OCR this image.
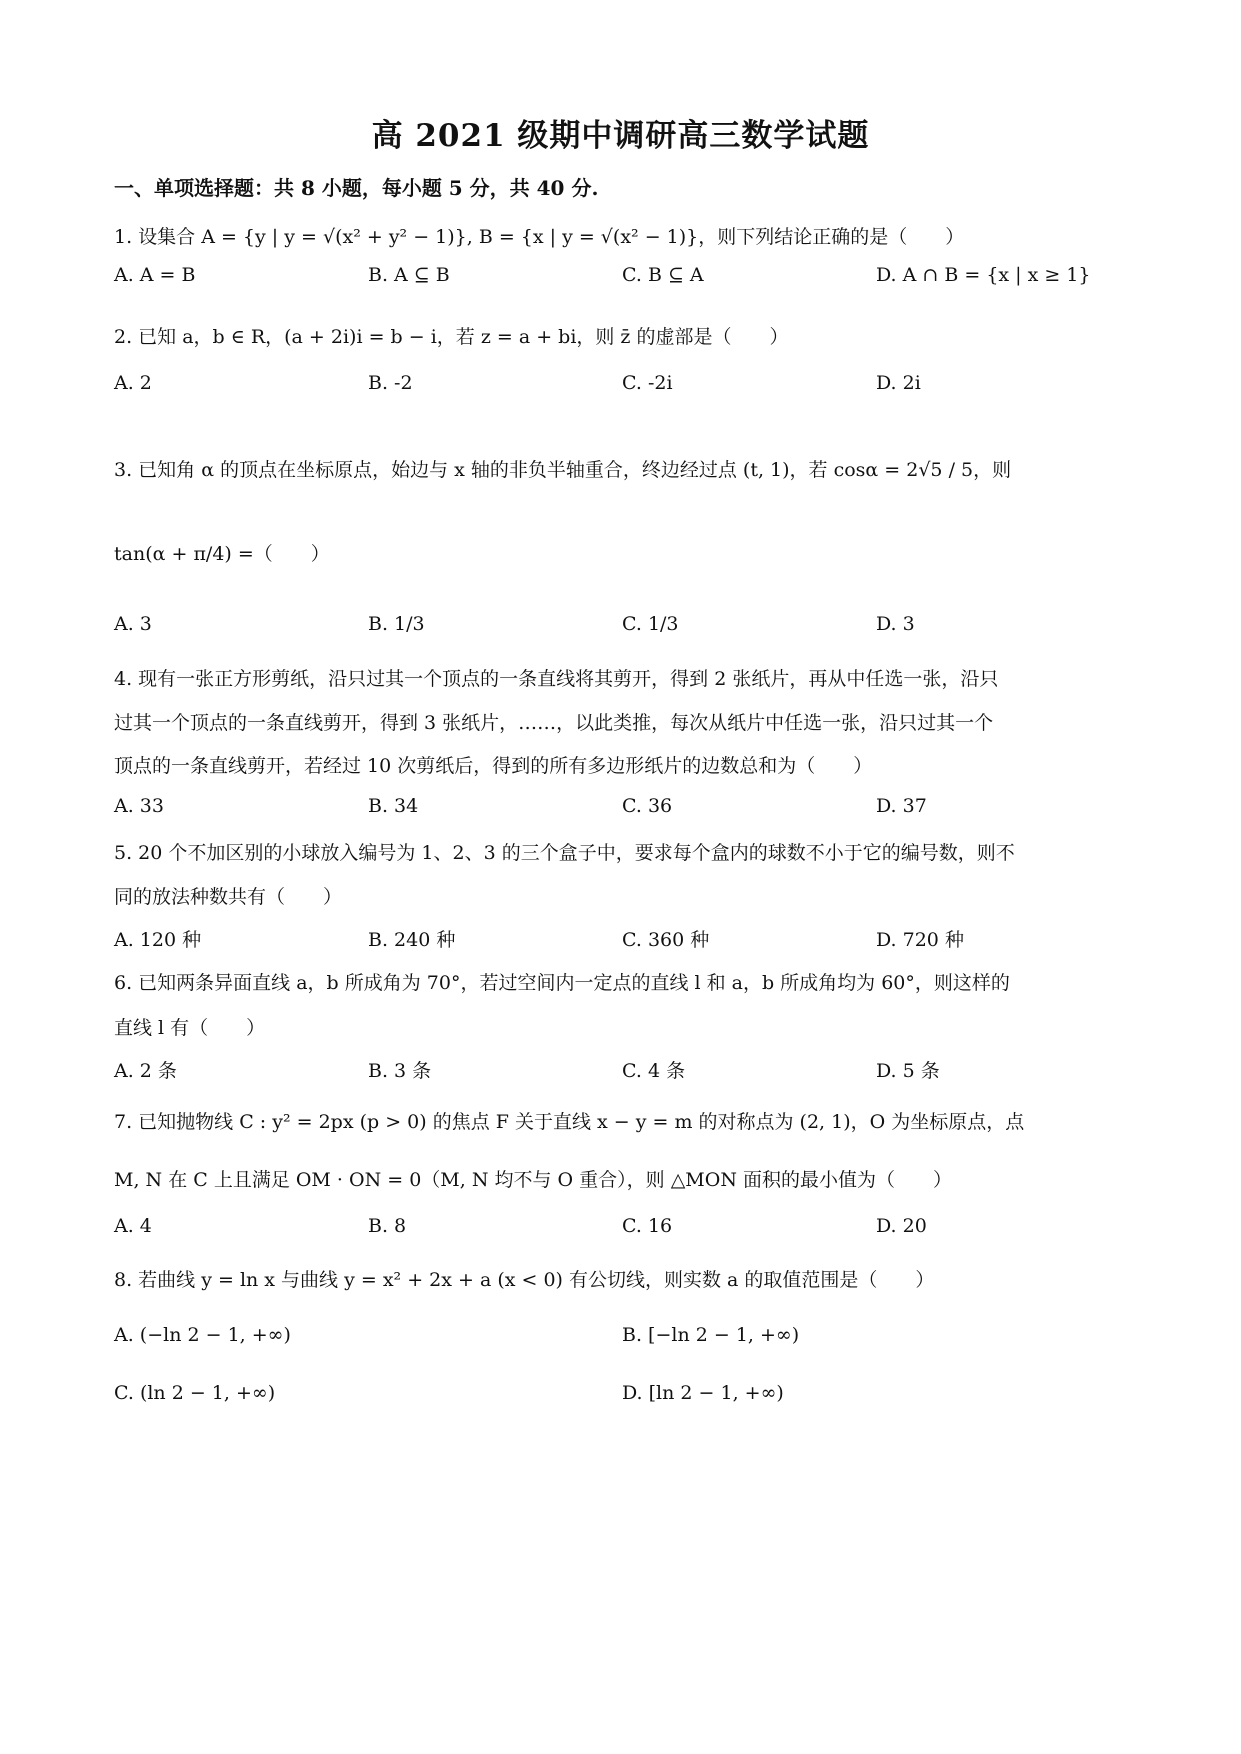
高 2021 级期中调研高三数学试题
一、单项选择题：共 8 小题，每小题 5 分，共 40 分.
1. 设集合 A = {y | y = √(x² + y² − 1)}, B = {x | y = √(x² − 1)}，则下列结论正确的是（　　）
A. A = B	B. A ⊆ B	C. B ⊆ A	D. A ∩ B = {x | x ≥ 1}
2. 已知 a，b ∈ R，(a + 2i)i = b − i，若 z = a + bi，则 z̄ 的虚部是（　　）
A. 2	B. -2	C. -2i	D. 2i
3. 已知角 α 的顶点在坐标原点，始边与 x 轴的非负半轴重合，终边经过点 (t, 1)，若 cosα = 2√5 / 5，则
tan(α + π/4) =（　　）
A. 3	B. 1/3	C. 1/3	D. 3
4. 现有一张正方形剪纸，沿只过其一个顶点的一条直线将其剪开，得到 2 张纸片，再从中任选一张，沿只
过其一个顶点的一条直线剪开，得到 3 张纸片，……，以此类推，每次从纸片中任选一张，沿只过其一个
顶点的一条直线剪开，若经过 10 次剪纸后，得到的所有多边形纸片的边数总和为（　　）
A. 33	B. 34	C. 36	D. 37
5. 20 个不加区别的小球放入编号为 1、2、3 的三个盒子中，要求每个盒内的球数不小于它的编号数，则不
同的放法种数共有（　　）
A. 120 种	B. 240 种	C. 360 种	D. 720 种
6. 已知两条异面直线 a，b 所成角为 70°，若过空间内一定点的直线 l 和 a，b 所成角均为 60°，则这样的
直线 l 有（　　）
A. 2 条	B. 3 条	C. 4 条	D. 5 条
7. 已知抛物线 C : y² = 2px (p > 0) 的焦点 F 关于直线 x − y = m 的对称点为 (2, 1)，O 为坐标原点，点
M, N 在 C 上且满足 OM · ON = 0（M, N 均不与 O 重合），则 △MON 面积的最小值为（　　）
A. 4	B. 8	C. 16	D. 20
8. 若曲线 y = ln x 与曲线 y = x² + 2x + a (x < 0) 有公切线，则实数 a 的取值范围是（　　）
A. (−ln 2 − 1, +∞)	B. [−ln 2 − 1, +∞)
C. (ln 2 − 1, +∞)	D. [ln 2 − 1, +∞)
